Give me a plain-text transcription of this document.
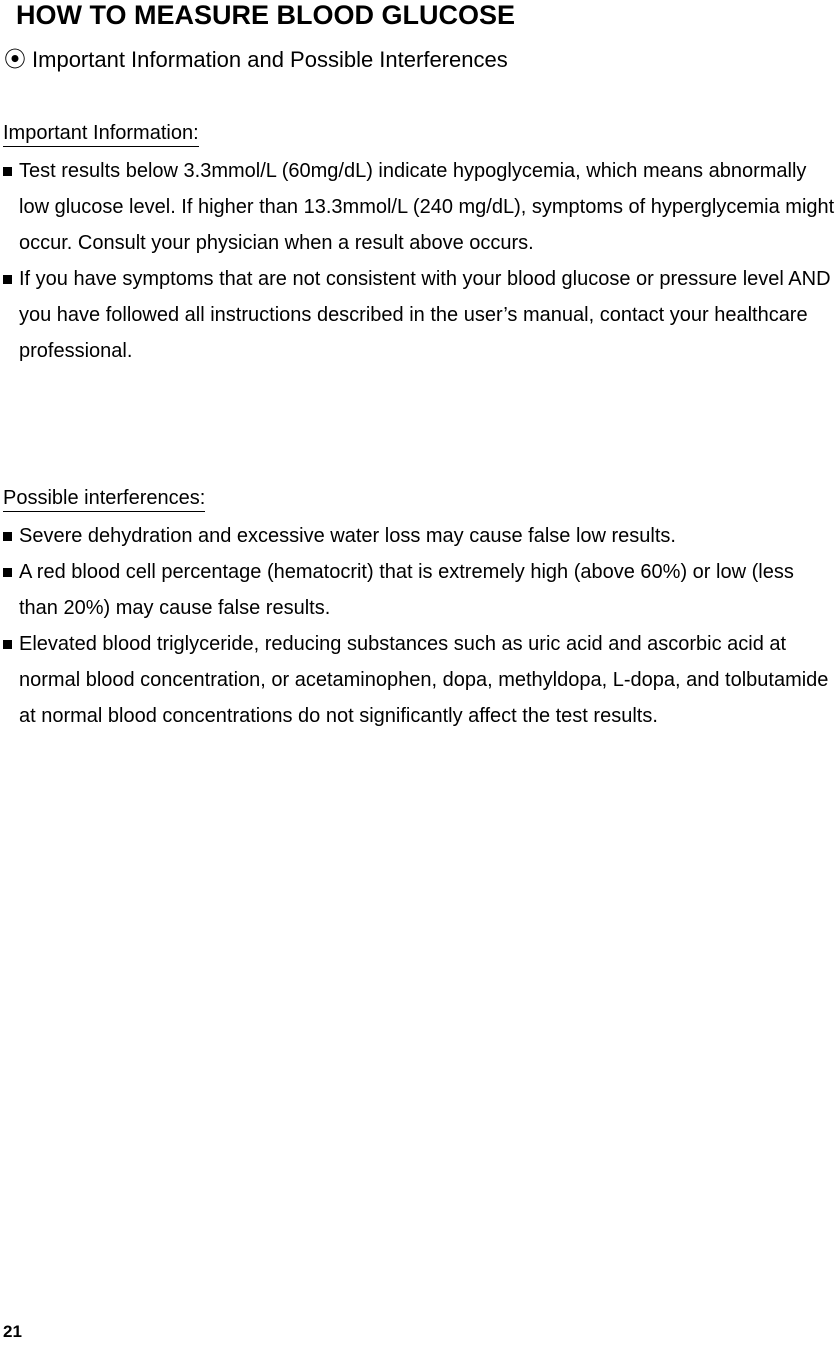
HOW TO MEASURE BLOOD GLUCOSE
⦿ Important Information and Possible Interferences
Important Information:
Test results below 3.3mmol/L (60mg/dL) indicate hypoglycemia, which means abnormally low glucose level. If higher than 13.3mmol/L (240 mg/dL), symptoms of hyperglycemia might occur. Consult your physician when a result above occurs.
If you have symptoms that are not consistent with your blood glucose or pressure level AND you have followed all instructions described in the user’s manual, contact your healthcare professional.
Possible interferences:
Severe dehydration and excessive water loss may cause false low results.
A red blood cell percentage (hematocrit) that is extremely high (above 60%) or low (less than 20%) may cause false results.
Elevated blood triglyceride, reducing substances such as uric acid and ascorbic acid at normal blood concentration, or acetaminophen, dopa, methyldopa, L-dopa, and tolbutamide at normal blood concentrations do not significantly affect the test results.
21
